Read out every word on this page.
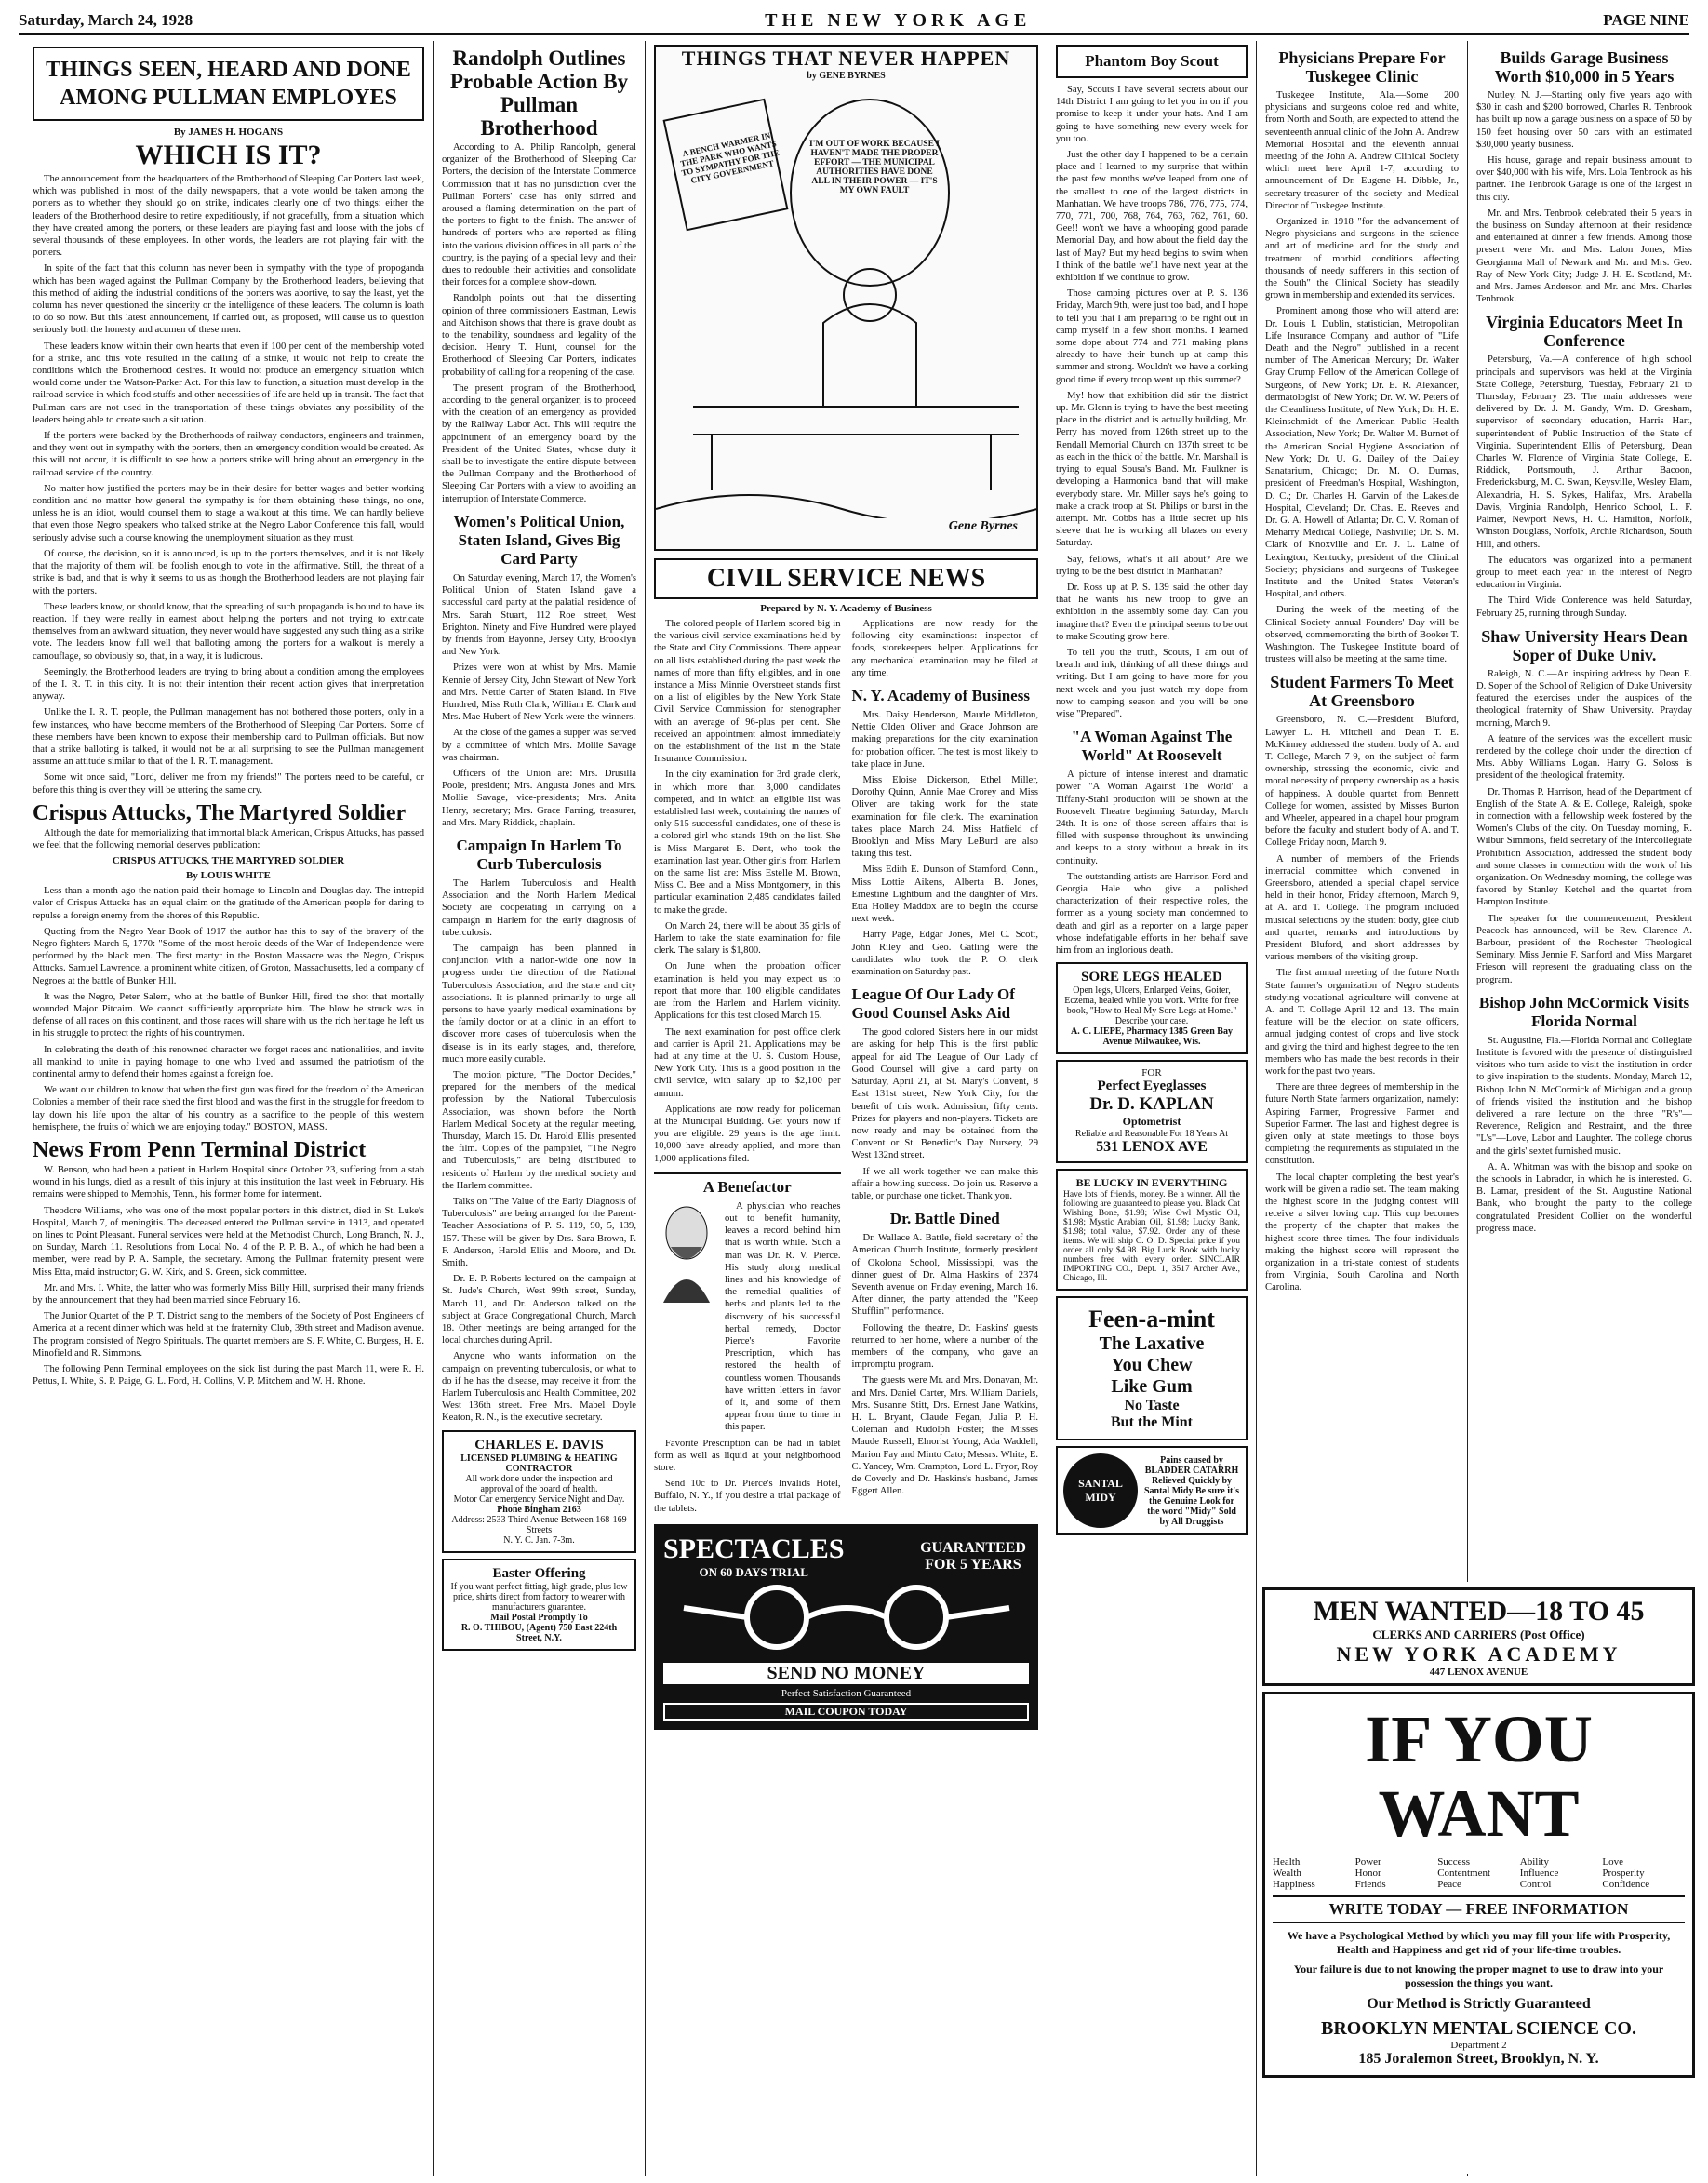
Saturday, March 24, 1928	THE NEW YORK AGE	PAGE NINE
THINGS SEEN, HEARD AND DONE AMONG PULLMAN EMPLOYES
By JAMES H. HOGANS
WHICH IS IT?

The announcement from the headquarters of the Brotherhood of Sleeping Car Porters last week, which was published in most of the daily newspapers, that a vote would be taken among the porters as to whether they should go on strike, indicates clearly one of two things: either the leaders of the Brotherhood desire to retire expeditiously, if not gracefully, from a situation which they have created among the porters, or these leaders are playing fast and loose with the jobs of several thousands of these employees. In other words, the leaders are not playing fair with the porters.

In spite of the fact that this column has never been in sympathy with the type of propoganda which has been waged against the Pullman Company by the Brotherhood leaders, believing that this method of aiding the industrial conditions of the porters was abortive, to say the least, yet the column has never questioned the sincerity or the intelligence of these leaders. The column is loath to do so now. But this latest announcement, if carried out, as proposed, will cause us to question seriously both the honesty and acumen of these men.

These leaders know within their own hearts that even if 100 per cent of the membership voted for a strike, and this vote resulted in the calling of a strike, it would not help to create the conditions which the Brotherhood desires. It would not produce an emergency situation which would come under the Watson-Parker Act. For this law to function, a situation must develop in the railroad service in which food stuffs and other necessities of life are held up in transit. The fact that Pullman cars are not used in the transportation of these things obviates any possibility of the leaders being able to create such a situation.

If the porters were backed by the Brotherhoods of railway conductors, engineers and trainmen, and they went out in sympathy with the porters, then an emergency condition would be created. As this will not occur, it is difficult to see how a porters strike will bring about an emergency in the railroad service of the country.

No matter how justified the porters may be in their desire for better wages and better working condition and no matter how general the sympathy is for them obtaining these things, no one, unless he is an idiot, would counsel them to stage a walkout at this time. We can hardly believe that even those Negro speakers who talked strike at the Negro Labor Conference this fall, would seriously advise such a course knowing the unemployment situation as they must.

Of course, the decision, so it is announced, is up to the porters themselves, and it is not likely that the majority of them will be foolish enough to vote in the affirmative. Still, the threat of a strike is bad, and that is why it seems to us as though the Brotherhood leaders are not playing fair with the porters.

These leaders know, or should know, that the spreading of such propaganda is bound to have its reaction. If they were really in earnest about helping the porters and not trying to extricate themselves from an awkward situation, they never would have suggested any such thing as a strike vote. The leaders know full well that balloting among the porters for a walkout is merely a camouflage, so obviously so, that, in a way, it is ludicrous.

Seemingly, the Brotherhood leaders are trying to bring about a condition among the employees of the I. R. T. in this city. It is not their intention their recent action gives that interpretation anyway.

Unlike the I. R. T. people, the Pullman management has not bothered those porters, only in a few instances, who have become members of the Brotherhood of Sleeping Car Porters. Some of these members have been known to expose their membership card to Pullman officials. But now that a strike balloting is talked, it would not be at all surprising to see the Pullman management assume an attitude similar to that of the I. R. T. management.

Some wit once said, "Lord, deliver me from my friends!" The porters need to be careful, or before this thing is over they will be uttering the same cry.

Crispus Attucks, The Martyred Soldier

Although the date for memorializing that immortal black American, Crispus Attucks, has passed we feel that the following memorial deserves publication:

CRISPUS ATTUCKS, THE MARTYRED SOLDIER
By LOUIS WHITE

Less than a month ago the nation paid their homage to Lincoln and Douglas day. The intrepid valor of Crispus Attucks has an equal claim on the gratitude of the American people for daring to repulse a foreign enemy from the shores of this Republic.

Quoting from the Negro Year Book of 1917 the author has this to say of the bravery of the Negro fighters March 5, 1770: "Some of the most heroic deeds of the War of Independence were performed by the black men. The first martyr in the Boston Massacre was the Negro, Crispus Attucks. Samuel Lawrence, a prominent white citizen, of Groton, Massachusetts, led a company of Negroes at the battle of Bunker Hill.

It was the Negro, Peter Salem, who at the battle of Bunker Hill, fired the shot that mortally wounded Major Pitcairn. We cannot sufficiently appropriate him. The blow he struck was in defense of all races on this continent, and those races will share with us the rich heritage he left us in his struggle to protect the rights of his countrymen.

In celebrating the death of this renowned character we forget races and nationalities, and invite all mankind to unite in paying homage to one who lived and assumed the patriotism of the continental army to defend their homes against a foreign foe.

We want our children to know that when the first gun was fired for the freedom of the American Colonies a member of their race shed the first blood and was the first in the struggle for freedom to lay down his life upon the altar of his country as a sacrifice to the people of this western hemisphere, the fruits of which we are enjoying today." BOSTON, MASS.

News From Penn Terminal District

W. Benson, who had been a patient in Harlem Hospital since October 23, suffering from a stab wound in his lungs, died as a result of this injury at this institution the last week in February. His remains were shipped to Memphis, Tenn., his former home for interment.

Theodore Williams, who was one of the most popular porters in this district, died in St. Luke's Hospital, March 7, of meningitis. The deceased entered the Pullman service in 1913, and operated on lines to Point Pleasant. Funeral services were held at the Methodist Church, Long Branch, N. J., on Sunday, March 11. Resolutions from Local No. 4 of the P. P. B. A., of which he had been a member, were read by P. A. Sample, the secretary. Among the Pullman fraternity present were Miss Etta, maid instructor; G. W. Kirk, and S. Green, sick committee.

Mr. and Mrs. I. White, the latter who was formerly Miss Billy Hill, surprised their many friends by the announcement that they had been married since February 16.

The Junior Quartet of the P. T. District sang to the members of the Society of Post Engineers of America at a recent dinner which was held at the fraternity Club, 39th street and Madison avenue. The program consisted of Negro Spirituals. The quartet members are S. F. White, C. Burgess, H. E. Minofield and R. Simmons.

The following Penn Terminal employees on the sick list during the past March 11, were R. H. Pettus, I. White, S. P. Paige, G. L. Ford, H. Collins, V. P. Mitchem and W. H. Rhone.

Randolph Outlines Probable Action By Pullman Brotherhood

According to A. Philip Randolph, general organizer of the Brotherhood of Sleeping Car Porters, the decision of the Interstate Commerce Commission that it has no jurisdiction over the Pullman Porters' case has only stirred and aroused a flaming determination on the part of the porters to fight to the finish. The answer of hundreds of porters who are reported as filing into the various division offices in all parts of the country, is the paying of a special levy and their dues to redouble their activities and consolidate their forces for a complete show-down.

Randolph points out that the dissenting opinion of three commissioners Eastman, Lewis and Aitchison shows that there is grave doubt as to the tenability, soundness and legality of the decision. Henry T. Hunt, counsel for the Brotherhood of Sleeping Car Porters, indicates probability of calling for a reopening of the case.

The present program of the Brotherhood, according to the general organizer, is to proceed with the creation of an emergency as provided by the Railway Labor Act. This will require the appointment of an emergency board by the President of the United States, whose duty it shall be to investigate the entire dispute between the Pullman Company and the Brotherhood of Sleeping Car Porters with a view to avoiding an interruption of Interstate Commerce.

Women's Political Union, Staten Island, Gives Big Card Party

On Saturday evening, March 17, the Women's Political Union of Staten Island gave a successful card party at the palatial residence of Mrs. Sarah Stuart, 112 Roe street, West Brighton. Ninety and Five Hundred were played by friends from Bayonne, Jersey City, Brooklyn and New York.

Prizes were won at whist by Mrs. Mamie Kennie of Jersey City, John Stewart of New York and Mrs. Nettie Carter of Staten Island. In Five Hundred, Miss Ruth Clark, William E. Clark and Mrs. Mae Hubert of New York were the winners.

At the close of the games a supper was served by a committee of which Mrs. Mollie Savage was chairman.

Officers of the Union are: Mrs. Drusilla Poole, president; Mrs. Angusta Jones and Mrs. Mollie Savage, vice-presidents; Mrs. Anita Henry, secretary; Mrs. Grace Farring, treasurer, and Mrs. Mary Riddick, chaplain.

Campaign In Harlem To Curb Tuberculosis

The Harlem Tuberculosis and Health Association and the North Harlem Medical Society are cooperating in carrying on a campaign in Harlem for the early diagnosis of tuberculosis.

The campaign has been planned in conjunction with a nation-wide one now in progress under the direction of the National Tuberculosis Association, and the state and city associations. It is planned primarily to urge all persons to have yearly medical examinations by the family doctor or at a clinic in an effort to discover more cases of tuberculosis when the disease is in its early stages, and, therefore, much more easily curable.

The motion picture, "The Doctor Decides," prepared for the members of the medical profession by the National Tuberculosis Association, was shown before the North Harlem Medical Society at the regular meeting, Thursday, March 15. Dr. Harold Ellis presented the film. Copies of the pamphlet, "The Negro and Tuberculosis," are being distributed to residents of Harlem by the medical society and the Harlem committee.

Talks on "The Value of the Early Diagnosis of Tuberculosis" are being arranged for the Parent-Teacher Associations of P. S. 119, 90, 5, 139, 157. These will be given by Drs. Sara Brown, P. F. Anderson, Harold Ellis and Moore, and Dr. Smith.

Dr. E. P. Roberts lectured on the campaign at St. Jude's Church, West 99th street, Sunday, March 11, and Dr. Anderson talked on the subject at Grace Congregational Church, March 18. Other meetings are being arranged for the local churches during April.

Anyone who wants information on the campaign on preventing tuberculosis, or what to do if he has the disease, may receive it from the Harlem Tuberculosis and Health Committee, 202 West 136th street. Free Mrs. Mabel Doyle Keaton, R. N., is the executive secretary.

CHARLES E. DAVIS
LICENSED PLUMBING & HEATING CONTRACTOR
All work done under the inspection and approval of the board of health.
Motor Car emergency Service Night and Day.
Phone Bingham 2163
Address: 2533 Third Avenue Between 168-169 Streets
N. Y. C. Jan. 7-3m.
Easter Offering
If you want perfect fitting, high grade, plus low price, shirts direct from factory to wearer with manufacturers guarantee.
Mail Postal Promptly To
R. O. THIBOU, (Agent) 750 East 224th Street, N.Y.
THINGS THAT NEVER HAPPEN
by GENE BYRNES
A BENCH WARMER IN THE PARK WHO WANTS TO SYMPATHY FOR THE CITY GOVERNMENT
I'M OUT OF WORK BECAUSE I HAVEN'T MADE THE PROPER EFFORT — THE MUNICIPAL AUTHORITIES HAVE DONE ALL IN THEIR POWER — IT'S MY OWN FAULT
Gene Byrnes
CIVIL SERVICE NEWS
Prepared by N. Y. Academy of Business

The colored people of Harlem scored big in the various civil service examinations held by the State and City Commissions. There appear on all lists established during the past week the names of more than fifty eligibles, and in one instance a Miss Minnie Overstreet stands first on a list of eligibles by the New York State Civil Service Commission for stenographer with an average of 96-plus per cent. She received an appointment almost immediately on the establishment of the list in the State Insurance Commission.

In the city examination for 3rd grade clerk, in which more than 3,000 candidates competed, and in which an eligible list was established last week, containing the names of only 515 successful candidates, one of these is a colored girl who stands 19th on the list. She is Miss Margaret B. Dent, who took the examination last year. Other girls from Harlem on the same list are: Miss Estelle M. Brown, Miss C. Bee and a Miss Montgomery, in this particular examination 2,485 candidates failed to make the grade.

On March 24, there will be about 35 girls of Harlem to take the state examination for file clerk. The salary is $1,800.

On June when the probation officer examination is held you may expect us to report that more than 100 eligible candidates are from the Harlem and Harlem vicinity. Applications for this test closed March 15.

The next examination for post office clerk and carrier is April 21. Applications may be had at any time at the U. S. Custom House, New York City. This is a good position in the civil service, with salary up to $2,100 per annum.

Applications are now ready for policeman at the Municipal Building. Get yours now if you are eligible. 29 years is the age limit. 10,000 have already applied, and more than 1,000 applications filed.

A Benefactor

A physician who reaches out to benefit humanity, leaves a record behind him that is worth while. Such a man was Dr. R. V. Pierce. His study along medical lines and his knowledge of the remedial qualities of herbs and plants led to the discovery of his successful herbal remedy, Doctor Pierce's Favorite Prescription, which has restored the health of countless women. Thousands have written letters in favor of it, and some of them appear from time to time in this paper.

Favorite Prescription can be had in tablet form as well as liquid at your neighborhood store.

Send 10c to Dr. Pierce's Invalids Hotel, Buffalo, N. Y., if you desire a trial package of the tablets.

Applications are now ready for the following city examinations: inspector of foods, storekeepers helper. Applications for any mechanical examination may be filed at any time.

N. Y. Academy of Business

Mrs. Daisy Henderson, Maude Middleton, Nettie Olden Oliver and Grace Johnson are making preparations for the city examination for probation officer. The test is most likely to take place in June.

Miss Eloise Dickerson, Ethel Miller, Dorothy Quinn, Annie Mae Crorey and Miss Oliver are taking work for the state examination for file clerk. The examination takes place March 24. Miss Hatfield of Brooklyn and Miss Mary LeBurd are also taking this test.

Miss Edith E. Dunson of Stamford, Conn., Miss Lottie Aikens, Alberta B. Jones, Ernestine Lightburn and the daughter of Mrs. Etta Holley Maddox are to begin the course next week.

Harry Page, Edgar Jones, Mel C. Scott, John Riley and Geo. Gatling were the candidates who took the P. O. clerk examination on Saturday past.

League Of Our Lady Of Good Counsel Asks Aid

The good colored Sisters here in our midst are asking for help This is the first public appeal for aid The League of Our Lady of Good Counsel will give a card party on Saturday, April 21, at St. Mary's Convent, 8 East 131st street, New York City, for the benefit of this work. Admission, fifty cents. Prizes for players and non-players. Tickets are now ready and may be obtained from the Convent or St. Benedict's Day Nursery, 29 West 132nd street.

If we all work together we can make this affair a howling success. Do join us. Reserve a table, or purchase one ticket. Thank you.

Dr. Battle Dined

Dr. Wallace A. Battle, field secretary of the American Church Institute, formerly president of Okolona School, Mississippi, was the dinner guest of Dr. Alma Haskins of 2374 Seventh avenue on Friday evening, March 16. After dinner, the party attended the "Keep Shufflin'" performance.

Following the theatre, Dr. Haskins' guests returned to her home, where a number of the members of the company, who gave an impromptu program.

The guests were Mr. and Mrs. Donavan, Mr. and Mrs. Daniel Carter, Mrs. William Daniels, Mrs. Susanne Stitt, Drs. Ernest Jane Watkins, H. L. Bryant, Claude Fegan, Julia P. H. Coleman and Rudolph Foster; the Misses Maude Russell, Elnorist Young, Ada Waddell, Marion Fay and Minto Cato; Messrs. White, E. C. Yancey, Wm. Crampton, Lord L. Fryor, Roy de Coverly and Dr. Haskins's husband, James Eggert Allen.

SPECTACLES
ON 60 DAYS TRIAL
GUARANTEED FOR 5 YEARS
SEND NO MONEY
Perfect Satisfaction Guaranteed
MAIL COUPON TODAY
Phantom Boy Scout

Say, Scouts I have several secrets about our 14th District I am going to let you in on if you promise to keep it under your hats. And I am going to have something new every week for you too.

Just the other day I happened to be a certain place and I learned to my surprise that within the past few months we've leaped from one of the smallest to one of the largest districts in Manhattan. We have troops 786, 776, 775, 774, 770, 771, 700, 768, 764, 763, 762, 761, 60. Gee!! won't we have a whooping good parade Memorial Day, and how about the field day the last of May? But my head begins to swim when I think of the battle we'll have next year at the exhibition if we continue to grow.

Those camping pictures over at P. S. 136 Friday, March 9th, were just too bad, and I hope to tell you that I am preparing to be right out in camp myself in a few short months. I learned some dope about 774 and 771 making plans already to have their bunch up at camp this summer and strong. Wouldn't we have a corking good time if every troop went up this summer?

My! how that exhibition did stir the district up. Mr. Glenn is trying to have the best meeting place in the district and is actually building, Mr. Perry has moved from 126th street up to the Rendall Memorial Church on 137th street to be as each in the thick of the battle. Mr. Marshall is trying to equal Sousa's Band. Mr. Faulkner is developing a Harmonica band that will make everybody stare. Mr. Miller says he's going to make a crack troop at St. Philips or burst in the attempt. Mr. Cobbs has a little secret up his sleeve that he is working all blazes on every Saturday.

Say, fellows, what's it all about? Are we trying to be the best district in Manhattan?

Dr. Ross up at P. S. 139 said the other day that he wants his new troop to give an exhibition in the assembly some day. Can you imagine that? Even the principal seems to be out to make Scouting grow here.

To tell you the truth, Scouts, I am out of breath and ink, thinking of all these things and writing. But I am going to have more for you next week and you just watch my dope from now to camping season and you will be one wise "Prepared".

"A Woman Against The World" At Roosevelt

A picture of intense interest and dramatic power "A Woman Against The World" a Tiffany-Stahl production will be shown at the Roosevelt Theatre beginning Saturday, March 24th. It is one of those screen affairs that is filled with suspense throughout its unwinding and keeps to a story without a break in its continuity.

The outstanding artists are Harrison Ford and Georgia Hale who give a polished characterization of their respective roles, the former as a young society man condemned to death and girl as a reporter on a large paper whose indefatigable efforts in her behalf save him from an inglorious death.

SORE LEGS HEALED
Open legs, Ulcers, Enlarged Veins, Goiter, Eczema, healed while you work. Write for free book, "How to Heal My Sore Legs at Home." Describe your case.
A. C. LIEPE, Pharmacy 1385 Green Bay Avenue Milwaukee, Wis.
FOR
Perfect Eyeglasses
Dr. D. KAPLAN
Optometrist
Reliable and Reasonable For 18 Years At
531 LENOX AVE
BE LUCKY IN EVERYTHING
Have lots of friends, money. Be a winner. All the following are guaranteed to please you. Black Cat Wishing Bone, $1.98; Wise Owl Mystic Oil, $1.98; Mystic Arabian Oil, $1.98; Lucky Bank, $1.98; total value, $7.92. Order any of these items. We will ship C. O. D. Special price if you order all only $4.98. Big Luck Book with lucky numbers free with every order. SINCLAIR IMPORTING CO., Dept. 1, 3517 Archer Ave., Chicago, Ill.
Feen-a-mint
The Laxative
You Chew
Like Gum
No Taste
But the Mint
SANTAL MIDY
Pains caused by BLADDER CATARRH Relieved Quickly by Santal Midy Be sure it's the Genuine Look for the word "Midy" Sold by All Druggists
Physicians Prepare For Tuskegee Clinic

Tuskegee Institute, Ala.—Some 200 physicians and surgeons coloe red and white, from North and South, are expected to attend the seventeenth annual clinic of the John A. Andrew Memorial Hospital and the eleventh annual meeting of the John A. Andrew Clinical Society which meet here April 1-7, according to announcement of Dr. Eugene H. Dibble, Jr., secretary-treasurer of the society and Medical Director of Tuskegee Institute.

Organized in 1918 "for the advancement of Negro physicians and surgeons in the science and art of medicine and for the study and treatment of morbid conditions affecting thousands of needy sufferers in this section of the South" the Clinical Society has steadily grown in membership and extended its services.

Prominent among those who will attend are: Dr. Louis I. Dublin, statistician, Metropolitan Life Insurance Company and author of "Life Death and the Negro" published in a recent number of The American Mercury; Dr. Walter Gray Crump Fellow of the American College of Surgeons, of New York; Dr. E. R. Alexander, dermatologist of New York; Dr. W. W. Peters of the Cleanliness Institute, of New York; Dr. H. E. Kleinschmidt of the American Public Health Association, New York; Dr. Walter M. Burnet of the American Social Hygiene Association of New York; Dr. U. G. Dailey of the Dailey Sanatarium, Chicago; Dr. M. O. Dumas, president of Freedman's Hospital, Washington, D. C.; Dr. Charles H. Garvin of the Lakeside Hospital, Cleveland; Dr. Chas. E. Reeves and Dr. G. A. Howell of Atlanta; Dr. C. V. Roman of Meharry Medical College, Nashville; Dr. S. M. Clark of Knoxville and Dr. J. L. Laine of Lexington, Kentucky, president of the Clinical Society; physicians and surgeons of Tuskegee Institute and the United States Veteran's Hospital, and others.

During the week of the meeting of the Clinical Society annual Founders' Day will be observed, commemorating the birth of Booker T. Washington. The Tuskegee Institute board of trustees will also be meeting at the same time.

Student Farmers To Meet At Greensboro

Greensboro, N. C.—President Bluford, Lawyer L. H. Mitchell and Dean T. E. McKinney addressed the student body of A. and T. College, March 7-9, on the subject of farm ownership, stressing the economic, civic and moral necessity of property ownership as a basis of happiness. A double quartet from Bennett College for women, assisted by Misses Burton and Wheeler, appeared in a chapel hour program before the faculty and student body of A. and T. College Friday noon, March 9.

A number of members of the Friends interracial committee which convened in Greensboro, attended a special chapel service held in their honor, Friday afternoon, March 9, at A. and T. College. The program included musical selections by the student body, glee club and quartet, remarks and introductions by President Bluford, and short addresses by various members of the visiting group.

The first annual meeting of the future North State farmer's organization of Negro students studying vocational agriculture will convene at A. and T. College April 12 and 13. The main feature will be the election on state officers, annual judging contest of crops and live stock and giving the third and highest degree to the ten members who has made the best records in their work for the past two years.

There are three degrees of membership in the future North State farmers organization, namely: Aspiring Farmer, Progressive Farmer and Superior Farmer. The last and highest degree is given only at state meetings to those boys completing the requirements as stipulated in the constitution.

The local chapter completing the best year's work will be given a radio set. The team making the highest score in the judging contest will receive a silver loving cup. This cup becomes the property of the chapter that makes the highest score three times. The four individuals making the highest score will represent the organization in a tri-state contest of students from Virginia, South Carolina and North Carolina.

Builds Garage Business Worth $10,000 in 5 Years

Nutley, N. J.—Starting only five years ago with $30 in cash and $200 borrowed, Charles R. Tenbrook has built up now a garage business on a space of 50 by 150 feet housing over 50 cars with an estimated $30,000 yearly business.

His house, garage and repair business amount to over $40,000 with his wife, Mrs. Lola Tenbrook as his partner. The Tenbrook Garage is one of the largest in this city.

Mr. and Mrs. Tenbrook celebrated their 5 years in the business on Sunday afternoon at their residence and entertained at dinner a few friends. Among those present were Mr. and Mrs. Lalon Jones, Miss Georgianna Mall of Newark and Mr. and Mrs. Geo. Ray of New York City; Judge J. H. E. Scotland, Mr. and Mrs. James Anderson and Mr. and Mrs. Charles Tenbrook.

Virginia Educators Meet In Conference

Petersburg, Va.—A conference of high school principals and supervisors was held at the Virginia State College, Petersburg, Tuesday, February 21 to Thursday, February 23. The main addresses were delivered by Dr. J. M. Gandy, Wm. D. Gresham, supervisor of secondary education, Harris Hart, superintendent of Public Instruction of the State of Virginia. Superintendent Ellis of Petersburg, Dean Charles W. Florence of Virginia State College, E. Riddick, Portsmouth, J. Arthur Bacoon, Fredericksburg, M. C. Swan, Keysville, Wesley Elam, Alexandria, H. S. Sykes, Halifax, Mrs. Arabella Davis, Virginia Randolph, Henrico School, L. F. Palmer, Newport News, H. C. Hamilton, Norfolk, Winston Douglass, Norfolk, Archie Richardson, South Hill, and others.

The educators was organized into a permanent group to meet each year in the interest of Negro education in Virginia.

The Third Wide Conference was held Saturday, February 25, running through Sunday.

Shaw University Hears Dean Soper of Duke Univ.

Raleigh, N. C.—An inspiring address by Dean E. D. Soper of the School of Religion of Duke University featured the exercises under the auspices of the theological fraternity of Shaw University. Prayday morning, March 9.

A feature of the services was the excellent music rendered by the college choir under the direction of Mrs. Abby Williams Logan. Harry G. Soloss is president of the theological fraternity.

Dr. Thomas P. Harrison, head of the Department of English of the State A. & E. College, Raleigh, spoke in connection with a fellowship week fostered by the Women's Clubs of the city. On Tuesday morning, R. Wilbur Simmons, field secretary of the Intercollegiate Prohibition Association, addressed the student body and some classes in connection with the work of his organization. On Wednesday morning, the college was favored by Stanley Ketchel and the quartet from Hampton Institute.

The speaker for the commencement, President Peacock has announced, will be Rev. Clarence A. Barbour, president of the Rochester Theological Seminary. Miss Jennie F. Sanford and Miss Margaret Frieson will represent the graduating class on the program.

Bishop John McCormick Visits Florida Normal

St. Augustine, Fla.—Florida Normal and Collegiate Institute is favored with the presence of distinguished visitors who turn aside to visit the institution in order to give inspiration to the students. Monday, March 12, Bishop John N. McCormick of Michigan and a group of friends visited the institution and the bishop delivered a rare lecture on the three "R's"—Reverence, Religion and Restraint, and the three "L's"—Love, Labor and Laughter. The college chorus and the girls' sextet furnished music.

A. A. Whitman was with the bishop and spoke on the schools in Labrador, in which he is interested. G. B. Lamar, president of the St. Augustine National Bank, who brought the party to the college congratulated President Collier on the wonderful progress made.

MEN WANTED—18 TO 45
CLERKS AND CARRIERS (Post Office)
NEW YORK ACADEMY
447 LENOX AVENUE
IF YOU WANT
Health	Power	Success	Ability	Love
Wealth	Honor	Contentment	Influence	Prosperity
Happiness	Friends	Peace	Control	Confidence
WRITE TODAY — FREE INFORMATION
We have a Psychological Method by which you may fill your life with Prosperity, Health and Happiness and get rid of your life-time troubles.
Your failure is due to not knowing the proper magnet to use to draw into your possession the things you want.
Our Method is Strictly Guaranteed
BROOKLYN MENTAL SCIENCE CO.
Department 2
185 Joralemon Street, Brooklyn, N. Y.
